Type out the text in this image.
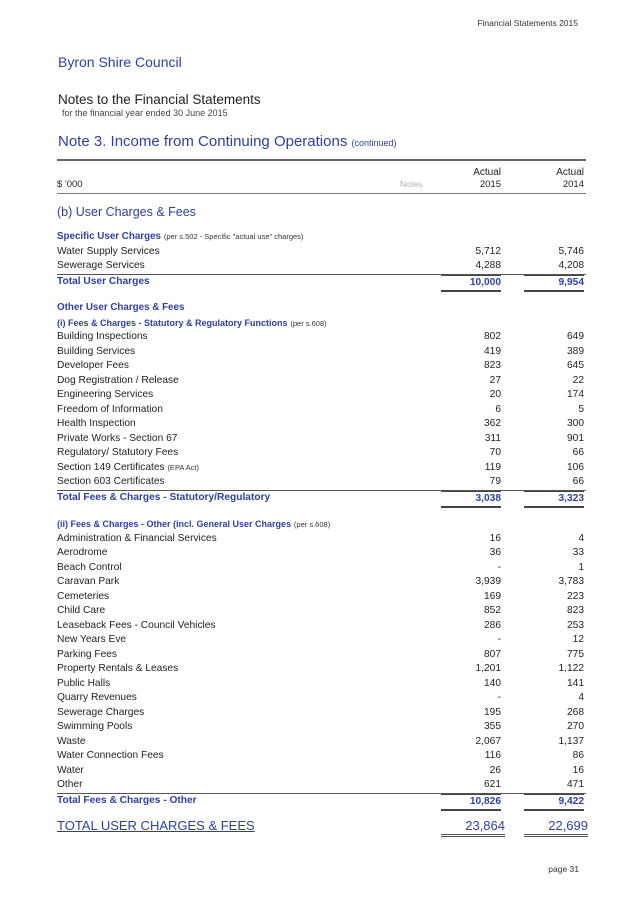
Financial Statements 2015
Byron Shire Council
Notes to the Financial Statements
for the financial year ended 30 June 2015
Note 3. Income from Continuing Operations (continued)
Actual	Actual
$ '000	Notes	2015	2014
(b) User Charges & Fees
Specific User Charges (per s.502 - Specific "actual use" charges)
Water Supply Services	5,712	5,746
Sewerage Services	4,288	4,208
Total User Charges	10,000	9,954
Other User Charges & Fees
(i) Fees & Charges - Statutory & Regulatory Functions (per s.608)
Building Inspections	802	649
Building Services	419	389
Developer Fees	823	645
Dog Registration / Release	27	22
Engineering Services	20	174
Freedom of Information	6	5
Health Inspection	362	300
Private Works - Section 67	311	901
Regulatory/ Statutory Fees	70	66
Section 149 Certificates (EPA Act)	119	106
Section 603 Certificates	79	66
Total Fees & Charges - Statutory/Regulatory	3,038	3,323
(ii) Fees & Charges - Other (incl. General User Charges (per s.608)
Administration & Financial Services	16	4
Aerodrome	36	33
Beach Control	-	1
Caravan Park	3,939	3,783
Cemeteries	169	223
Child Care	852	823
Leaseback Fees - Council Vehicles	286	253
New Years Eve	-	12
Parking Fees	807	775
Property Rentals & Leases	1,201	1,122
Public Halls	140	141
Quarry Revenues	-	4
Sewerage Charges	195	268
Swimming Pools	355	270
Waste	2,067	1,137
Water Connection Fees	116	86
Water	26	16
Other	621	471
Total Fees & Charges - Other	10,826	9,422
TOTAL USER CHARGES & FEES	23,864	22,699
page 31
